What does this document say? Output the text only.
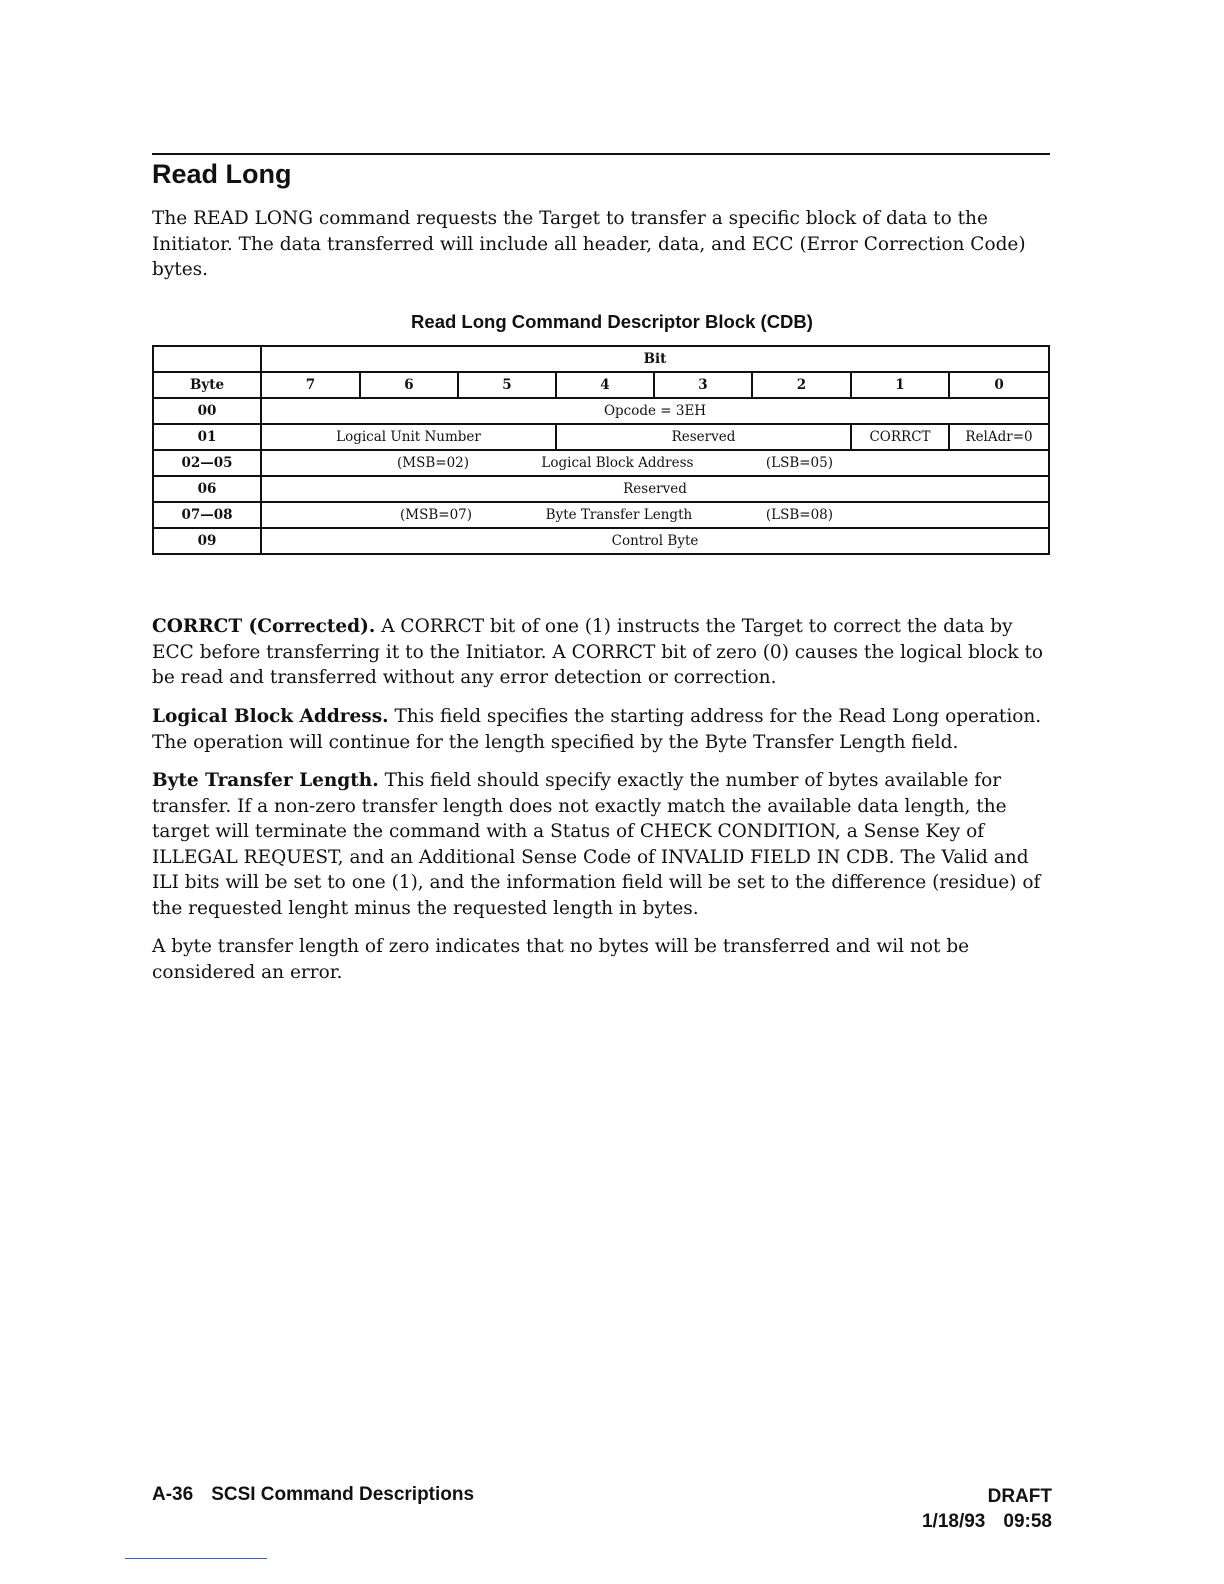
Read Long
The READ LONG command requests the Target to transfer a specific block of data to the Initiator. The data transferred will include all header, data, and ECC (Error Correction Code) bytes.
Read Long Command Descriptor Block (CDB)
	Bit							
Byte	7	6	5	4	3	2	1	0
00	Opcode = 3EH							
01	Logical Unit Number			Reserved			CORRCT	RelAdr=0
02—05	(MSB=02) Logical Block Address (LSB=05)							

06	Reserved							
07—08	(MSB=07) Byte Transfer Length (LSB=08)							

09	Control Byte							
CORRCT (Corrected). A CORRCT bit of one (1) instructs the Target to correct the data by ECC before transferring it to the Initiator. A CORRCT bit of zero (0) causes the logical block to be read and transferred without any error detection or correction.
Logical Block Address. This field specifies the starting address for the Read Long operation. The operation will continue for the length specified by the Byte Transfer Length field.
Byte Transfer Length. This field should specify exactly the number of bytes available for transfer. If a non-zero transfer length does not exactly match the available data length, the target will terminate the command with a Status of CHECK CONDITION, a Sense Key of ILLEGAL REQUEST, and an Additional Sense Code of INVALID FIELD IN CDB. The Valid and ILI bits will be set to one (1), and the information field will be set to the difference (residue) of the requested lenght minus the requested length in bytes.
A byte transfer length of zero indicates that no bytes will be transferred and wil not be considered an error.
A-36 SCSI Command Descriptions	DRAFT
1/18/93 09:58
